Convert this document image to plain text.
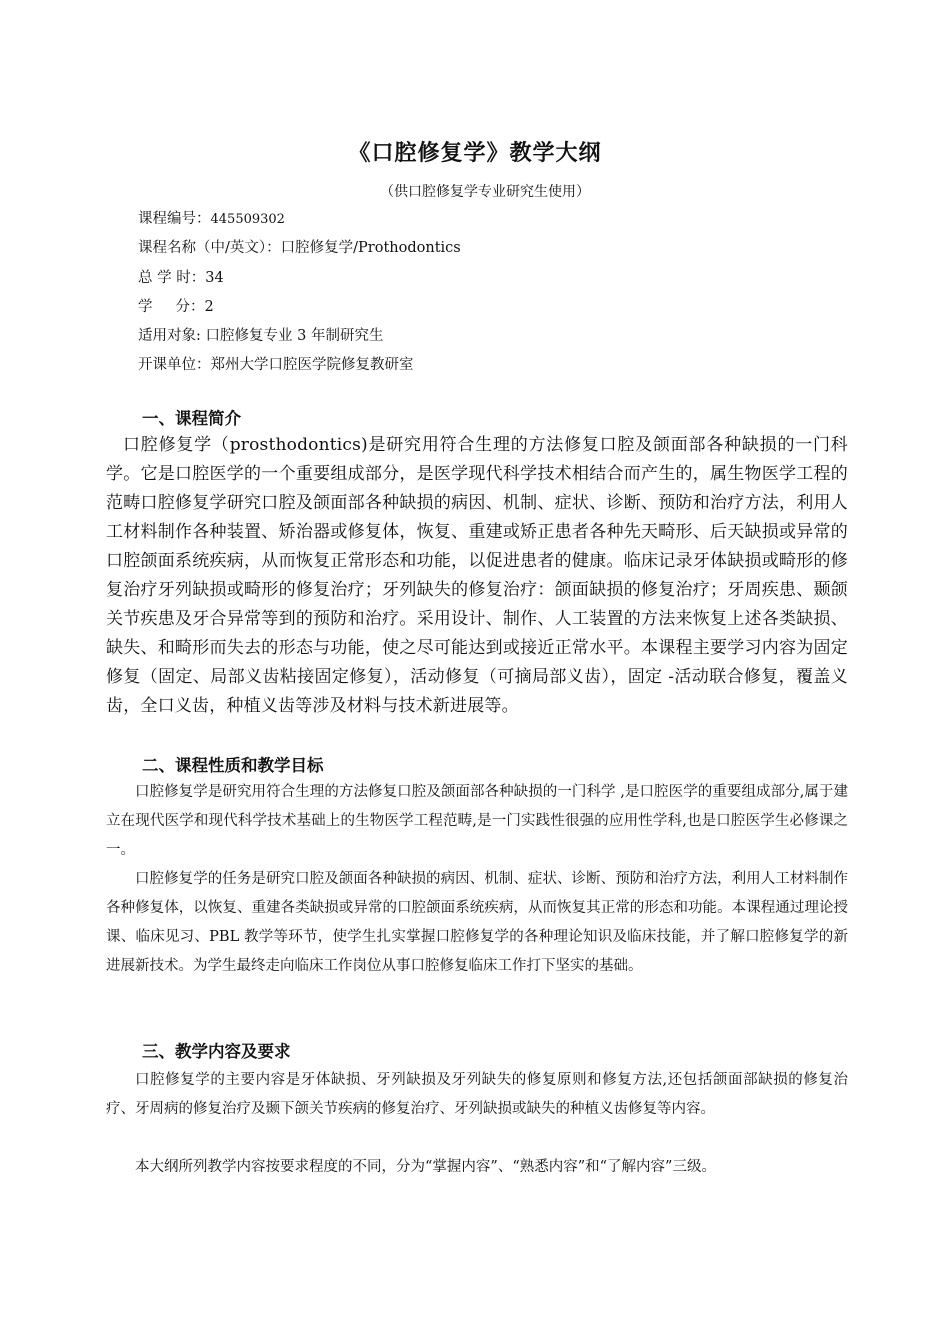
《口腔修复学》教学大纲
（供口腔修复学专业研究生使用）
课程编号：445509302
课程名称（中/英文）：口腔修复学/Prothodontics
总 学 时：34
学     分：2
适用对象: 口腔修复专业 3 年制研究生
开课单位：郑州大学口腔医学院修复教研室
一、课程简介

口腔修复学（prosthodontics)是研究用符合生理的方法修复口腔及颌面部各种缺损的一门科学。它是口腔医学的一个重要组成部分，是医学现代科学技术相结合而产生的，属生物医学工程的范畴口腔修复学研究口腔及颌面部各种缺损的病因、机制、症状、诊断、预防和治疗方法，利用人工材料制作各种装置、矫治器或修复体，恢复、重建或矫正患者各种先天畸形、后天缺损或异常的口腔颌面系统疾病，从而恢复正常形态和功能，以促进患者的健康。临床记录牙体缺损或畸形的修复治疗牙列缺损或畸形的修复治疗；牙列缺失的修复治疗：颌面缺损的修复治疗；牙周疾患、颞颌关节疾患及牙合异常等到的预防和治疗。采用设计、制作、人工装置的方法来恢复上述各类缺损、缺失、和畸形而失去的形态与功能，使之尽可能达到或接近正常水平。本课程主要学习内容为固定修复（固定、局部义齿粘接固定修复），活动修复（可摘局部义齿），固定 -活动联合修复，覆盖义齿，全口义齿，种植义齿等涉及材料与技术新进展等。

二、课程性质和教学目标

口腔修复学是研究用符合生理的方法修复口腔及颌面部各种缺损的一门科学 ,是口腔医学的重要组成部分,属于建立在现代医学和现代科学技术基础上的生物医学工程范畴,是一门实践性很强的应用性学科,也是口腔医学生必修课之一。

口腔修复学的任务是研究口腔及颌面各种缺损的病因、机制、症状、诊断、预防和治疗方法，利用人工材料制作各种修复体，以恢复、重建各类缺损或异常的口腔颌面系统疾病，从而恢复其正常的形态和功能。本课程通过理论授课、临床见习、PBL 教学等环节，使学生扎实掌握口腔修复学的各种理论知识及临床技能，并了解口腔修复学的新进展新技术。为学生最终走向临床工作岗位从事口腔修复临床工作打下坚实的基础。

三、教学内容及要求

口腔修复学的主要内容是牙体缺损、牙列缺损及牙列缺失的修复原则和修复方法,还包括颌面部缺损的修复治疗、牙周病的修复治疗及颞下颌关节疾病的修复治疗、牙列缺损或缺失的种植义齿修复等内容。

本大纲所列教学内容按要求程度的不同，分为“掌握内容”、“熟悉内容”和“了解内容”三级。
